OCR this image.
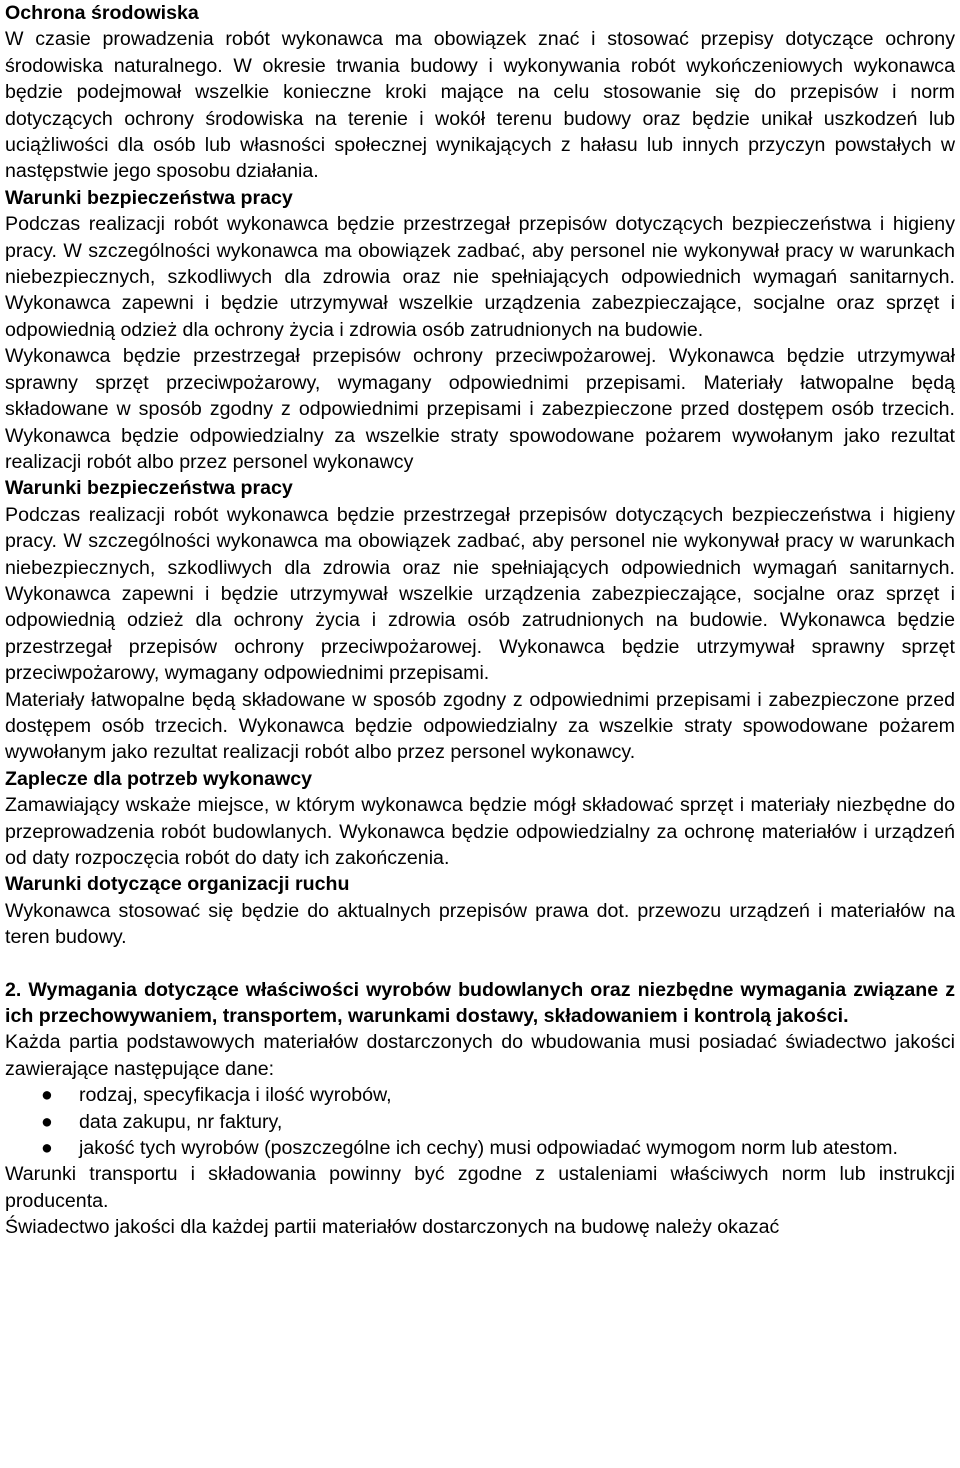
Ochrona środowiska

W czasie prowadzenia robót wykonawca ma obowiązek znać i stosować przepisy dotyczące ochrony środowiska naturalnego. W okresie trwania budowy i wykonywania robót wykończeniowych wykonawca będzie podejmował wszelkie konieczne kroki mające na celu stosowanie się do przepisów i norm dotyczących ochrony środowiska na terenie i wokół terenu budowy oraz będzie unikał uszkodzeń lub uciążliwości dla osób lub własności społecznej wynikających z hałasu lub innych przyczyn powstałych w następstwie jego sposobu działania.

Warunki bezpieczeństwa pracy

Podczas realizacji robót wykonawca będzie przestrzegał przepisów dotyczących bezpieczeństwa i higieny pracy. W szczególności wykonawca ma obowiązek zadbać, aby personel nie wykonywał pracy w warunkach niebezpiecznych, szkodliwych dla zdrowia oraz nie spełniających odpowiednich wymagań sanitarnych. Wykonawca zapewni i będzie utrzymywał wszelkie urządzenia zabezpieczające, socjalne oraz sprzęt i odpowiednią odzież dla ochrony życia i zdrowia osób zatrudnionych na budowie.

Wykonawca będzie przestrzegał przepisów ochrony przeciwpożarowej. Wykonawca będzie utrzymywał sprawny sprzęt przeciwpożarowy, wymagany odpowiednimi przepisami. Materiały łatwopalne będą składowane w sposób zgodny z odpowiednimi przepisami i zabezpieczone przed dostępem osób trzecich. Wykonawca będzie odpowiedzialny za wszelkie straty spowodowane pożarem wywołanym jako rezultat realizacji robót albo przez personel wykonawcy

Warunki bezpieczeństwa pracy

Podczas realizacji robót wykonawca będzie przestrzegał przepisów dotyczących bezpieczeństwa i higieny pracy. W szczególności wykonawca ma obowiązek zadbać, aby personel nie wykonywał pracy w warunkach niebezpiecznych, szkodliwych dla zdrowia oraz nie spełniających odpowiednich wymagań sanitarnych. Wykonawca zapewni i będzie utrzymywał wszelkie urządzenia zabezpieczające, socjalne oraz sprzęt i odpowiednią odzież dla ochrony życia i zdrowia osób zatrudnionych na budowie. Wykonawca będzie przestrzegał przepisów ochrony przeciwpożarowej. Wykonawca będzie utrzymywał sprawny sprzęt przeciwpożarowy, wymagany odpowiednimi przepisami.

Materiały łatwopalne będą składowane w sposób zgodny z odpowiednimi przepisami i zabezpieczone przed dostępem osób trzecich. Wykonawca będzie odpowiedzialny za wszelkie straty spowodowane pożarem wywołanym jako rezultat realizacji robót albo przez personel wykonawcy.

Zaplecze dla potrzeb wykonawcy

Zamawiający wskaże miejsce, w którym wykonawca będzie mógł składować sprzęt i materiały niezbędne do przeprowadzenia robót budowlanych. Wykonawca będzie odpowiedzialny za ochronę materiałów i urządzeń od daty rozpoczęcia robót do daty ich zakończenia.

Warunki dotyczące organizacji ruchu

Wykonawca stosować się będzie do aktualnych przepisów prawa dot. przewozu urządzeń i materiałów na teren budowy.

2. Wymagania dotyczące właściwości wyrobów budowlanych oraz niezbędne wymagania związane z ich przechowywaniem, transportem, warunkami dostawy, składowaniem i kontrolą jakości.

Każda partia podstawowych materiałów dostarczonych do wbudowania musi posiadać świadectwo jakości zawierające następujące dane:

● rodzaj, specyfikacja i ilość wyrobów,
● data zakupu, nr faktury,
● jakość tych wyrobów (poszczególne ich cechy) musi odpowiadać wymogom norm lub atestom.

Warunki transportu i składowania powinny być zgodne z ustaleniami właściwych norm lub instrukcji producenta.

Świadectwo jakości dla każdej partii materiałów dostarczonych na budowę należy okazać
